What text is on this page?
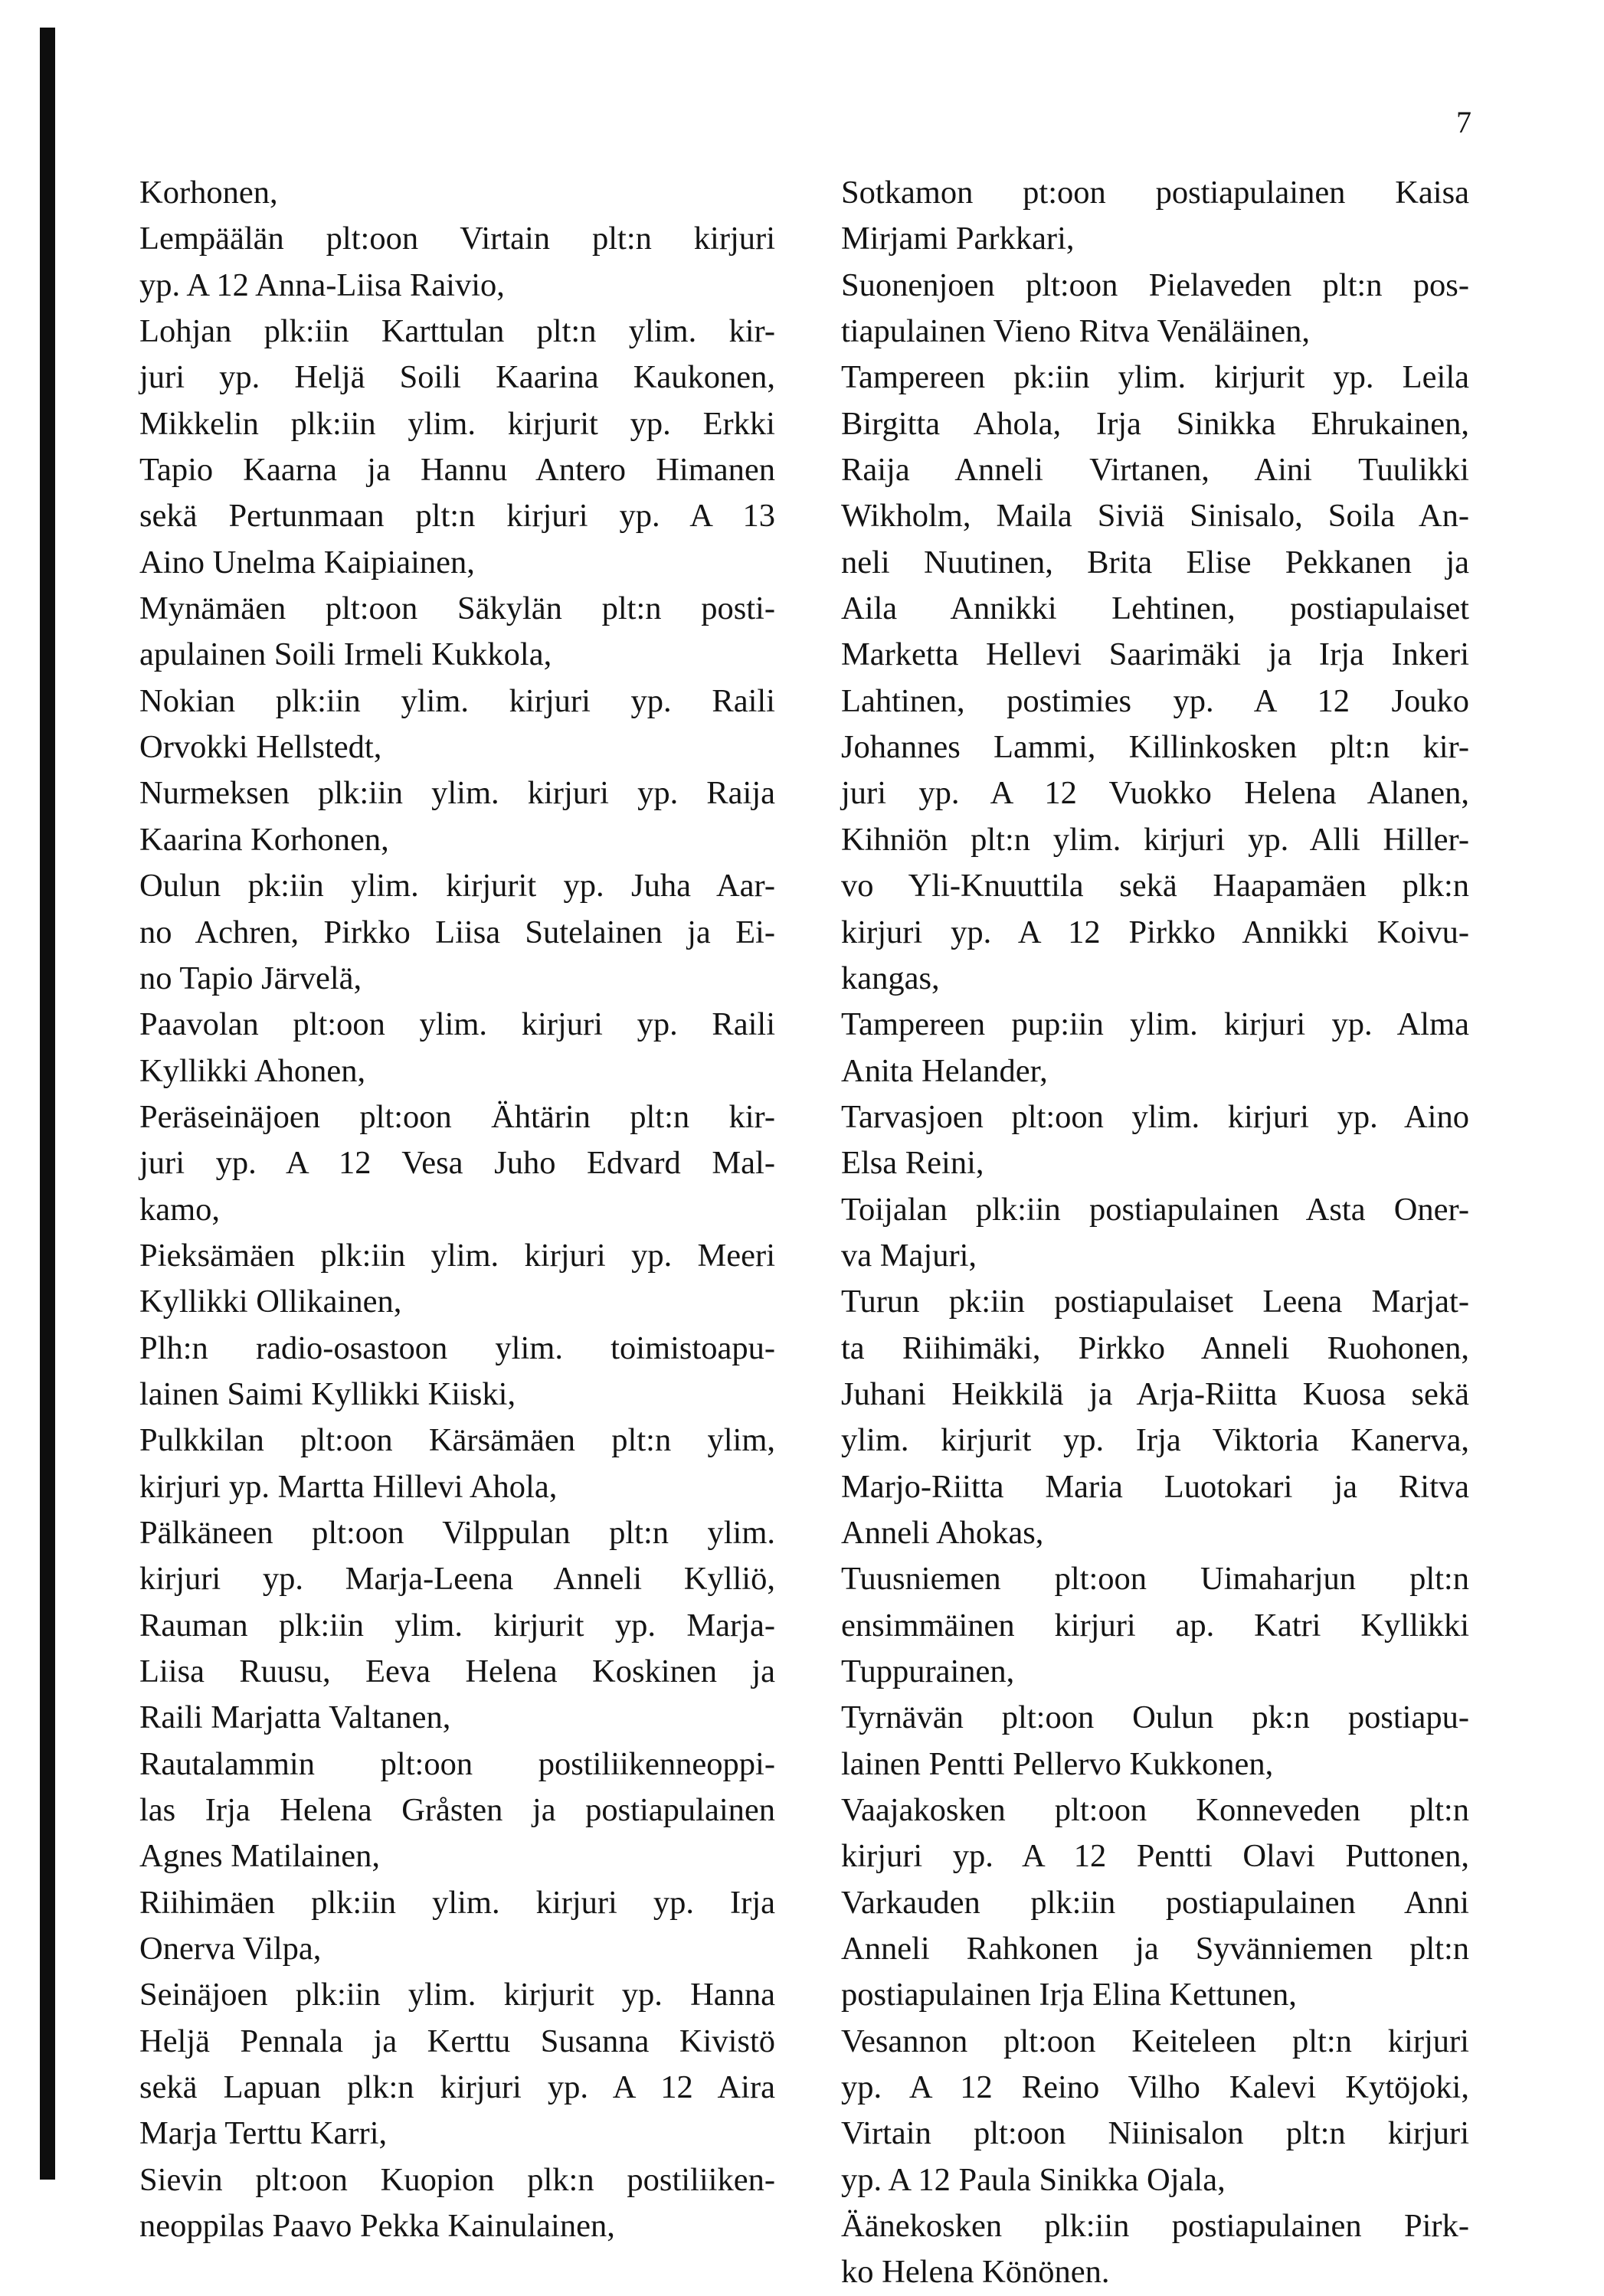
7
Korhonen,
Lempäälän plt:oon Virtain plt:n kirjuri
yp. A 12 Anna-Liisa Raivio,
Lohjan plk:iin Karttulan plt:n ylim. kir-
juri yp. Heljä Soili Kaarina Kaukonen,
Mikkelin plk:iin ylim. kirjurit yp. Erkki
Tapio Kaarna ja Hannu Antero Himanen
sekä Pertunmaan plt:n kirjuri yp. A 13
Aino Unelma Kaipiainen,
Mynämäen plt:oon Säkylän plt:n posti-
apulainen Soili Irmeli Kukkola,
Nokian plk:iin ylim. kirjuri yp. Raili
Orvokki Hellstedt,
Nurmeksen plk:iin ylim. kirjuri yp. Raija
Kaarina Korhonen,
Oulun pk:iin ylim. kirjurit yp. Juha Aar-
no Achren, Pirkko Liisa Sutelainen ja Ei-
no Tapio Järvelä,
Paavolan plt:oon ylim. kirjuri yp. Raili
Kyllikki Ahonen,
Peräseinäjoen plt:oon Ähtärin plt:n kir-
juri yp. A 12 Vesa Juho Edvard Mal-
kamo,
Pieksämäen plk:iin ylim. kirjuri yp. Meeri
Kyllikki Ollikainen,
Plh:n radio-osastoon ylim. toimistoapu-
lainen Saimi Kyllikki Kiiski,
Pulkkilan plt:oon Kärsämäen plt:n ylim,
kirjuri yp. Martta Hillevi Ahola,
Pälkäneen plt:oon Vilppulan plt:n ylim.
kirjuri yp. Marja-Leena Anneli Kylliö,
Rauman plk:iin ylim. kirjurit yp. Marja-
Liisa Ruusu, Eeva Helena Koskinen ja
Raili Marjatta Valtanen,
Rautalammin plt:oon postiliikenneoppi-
las Irja Helena Gråsten ja postiapulainen
Agnes Matilainen,
Riihimäen plk:iin ylim. kirjuri yp. Irja
Onerva Vilpa,
Seinäjoen plk:iin ylim. kirjurit yp. Hanna
Heljä Pennala ja Kerttu Susanna Kivistö
sekä Lapuan plk:n kirjuri yp. A 12 Aira
Marja Terttu Karri,
Sievin plt:oon Kuopion plk:n postiliiken-
neoppilas Paavo Pekka Kainulainen,
Sotkamon pt:oon postiapulainen Kaisa
Mirjami Parkkari,
Suonenjoen plt:oon Pielaveden plt:n pos-
tiapulainen Vieno Ritva Venäläinen,
Tampereen pk:iin ylim. kirjurit yp. Leila
Birgitta Ahola, Irja Sinikka Ehrukainen,
Raija Anneli Virtanen, Aini Tuulikki
Wikholm, Maila Siviä Sinisalo, Soila An-
neli Nuutinen, Brita Elise Pekkanen ja
Aila Annikki Lehtinen, postiapulaiset
Marketta Hellevi Saarimäki ja Irja Inkeri
Lahtinen, postimies yp. A 12 Jouko
Johannes Lammi, Killinkosken plt:n kir-
juri yp. A 12 Vuokko Helena Alanen,
Kihniön plt:n ylim. kirjuri yp. Alli Hiller-
vo Yli-Knuuttila sekä Haapamäen plk:n
kirjuri yp. A 12 Pirkko Annikki Koivu-
kangas,
Tampereen pup:iin ylim. kirjuri yp. Alma
Anita Helander,
Tarvasjoen plt:oon ylim. kirjuri yp. Aino
Elsa Reini,
Toijalan plk:iin postiapulainen Asta Oner-
va Majuri,
Turun pk:iin postiapulaiset Leena Marjat-
ta Riihimäki, Pirkko Anneli Ruohonen,
Juhani Heikkilä ja Arja-Riitta Kuosa sekä
ylim. kirjurit yp. Irja Viktoria Kanerva,
Marjo-Riitta Maria Luotokari ja Ritva
Anneli Ahokas,
Tuusniemen plt:oon Uimaharjun plt:n
ensimmäinen kirjuri ap. Katri Kyllikki
Tuppurainen,
Tyrnävän plt:oon Oulun pk:n postiapu-
lainen Pentti Pellervo Kukkonen,
Vaajakosken plt:oon Konneveden plt:n
kirjuri yp. A 12 Pentti Olavi Puttonen,
Varkauden plk:iin postiapulainen Anni
Anneli Rahkonen ja Syvänniemen plt:n
postiapulainen Irja Elina Kettunen,
Vesannon plt:oon Keiteleen plt:n kirjuri
yp. A 12 Reino Vilho Kalevi Kytöjoki,
Virtain plt:oon Niinisalon plt:n kirjuri
yp. A 12 Paula Sinikka Ojala,
Äänekosken plk:iin postiapulainen Pirk-
ko Helena Könönen.
